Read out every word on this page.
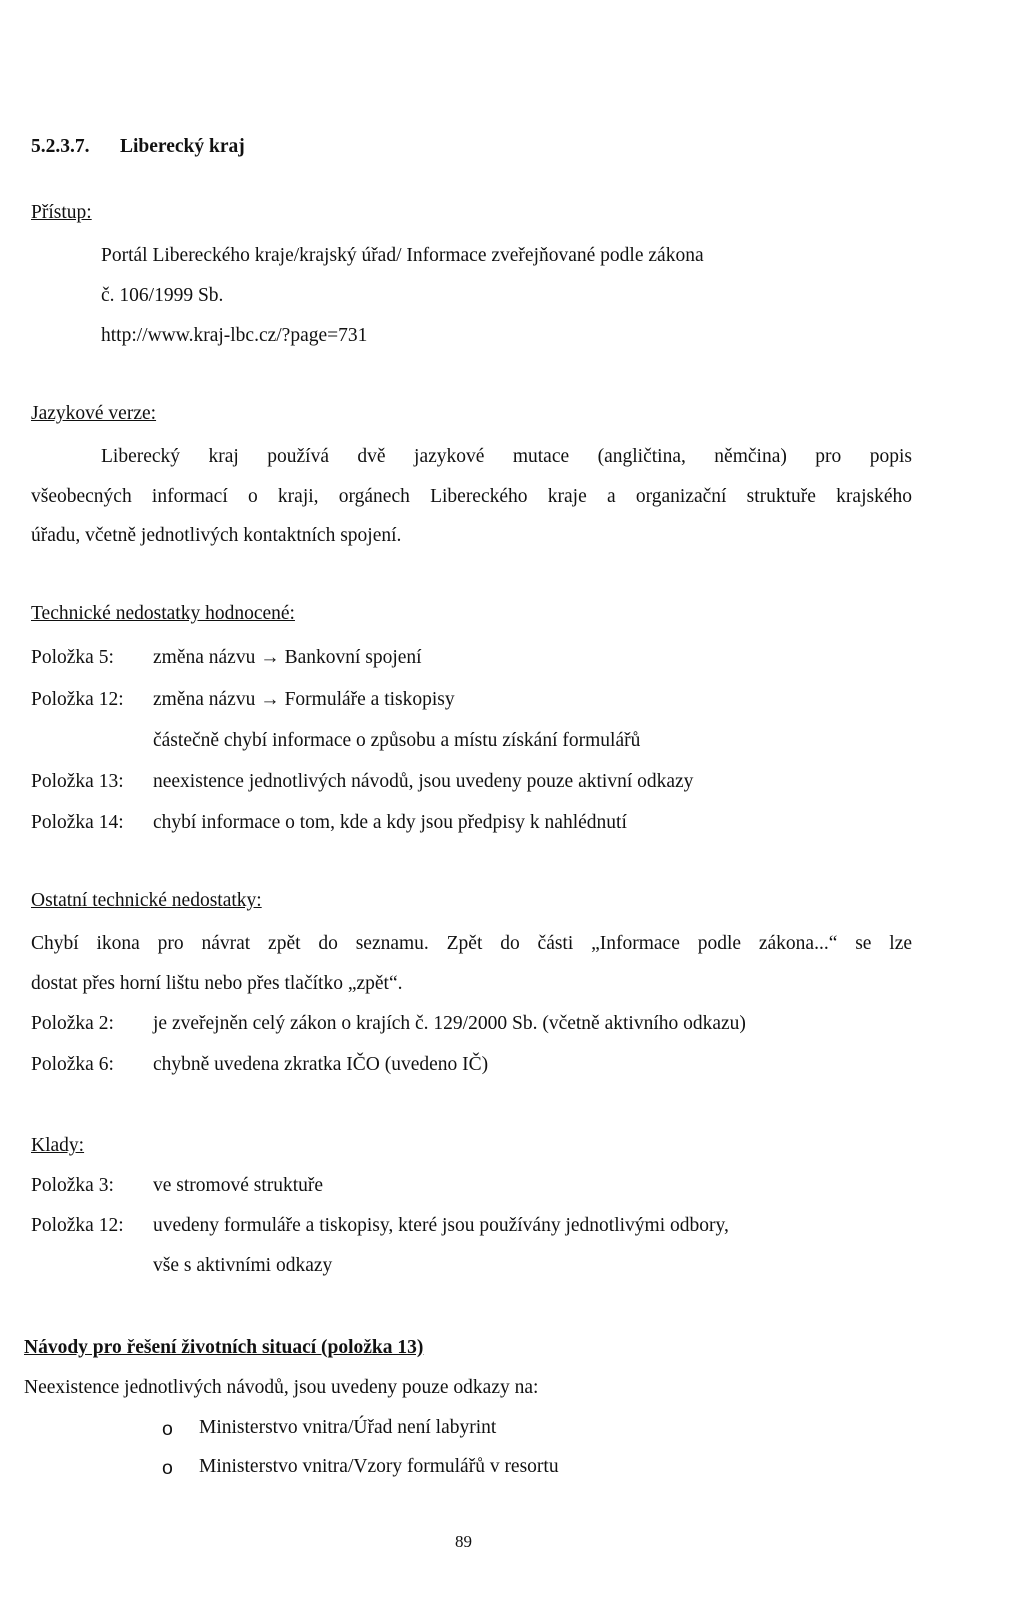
5.2.3.7. Liberecký kraj
Přístup:
Portál Libereckého kraje/krajský úřad/ Informace zveřejňované podle zákona
č. 106/1999 Sb.
http://www.kraj-lbc.cz/?page=731
Jazykové verze:
Liberecký kraj používá dvě jazykové mutace (angličtina, němčina) pro popis
všeobecných informací o kraji, orgánech Libereckého kraje a organizační struktuře krajského
úřadu, včetně jednotlivých kontaktních spojení.
Technické nedostatky hodnocené:
Položka 5: změna názvu → Bankovní spojení
Položka 12: změna názvu → Formuláře a tiskopisy
částečně chybí informace o způsobu a místu získání formulářů
Položka 13: neexistence jednotlivých návodů, jsou uvedeny pouze aktivní odkazy
Položka 14: chybí informace o tom, kde a kdy jsou předpisy k nahlédnutí
Ostatní technické nedostatky:
Chybí ikona pro návrat zpět do seznamu. Zpět do části „Informace podle zákona...“ se lze
dostat přes horní lištu nebo přes tlačítko „zpět“.
Položka 2: je zveřejněn celý zákon o krajích č. 129/2000 Sb. (včetně aktivního odkazu)
Položka 6: chybně uvedena zkratka IČO (uvedeno IČ)
Klady:
Položka 3: ve stromové struktuře
Položka 12: uvedeny formuláře a tiskopisy, které jsou používány jednotlivými odbory,
vše s aktivními odkazy
Návody pro řešení životních situací (položka 13)
Neexistence jednotlivých návodů, jsou uvedeny pouze odkazy na:
o Ministerstvo vnitra/Úřad není labyrint
o Ministerstvo vnitra/Vzory formulářů v resortu
89
